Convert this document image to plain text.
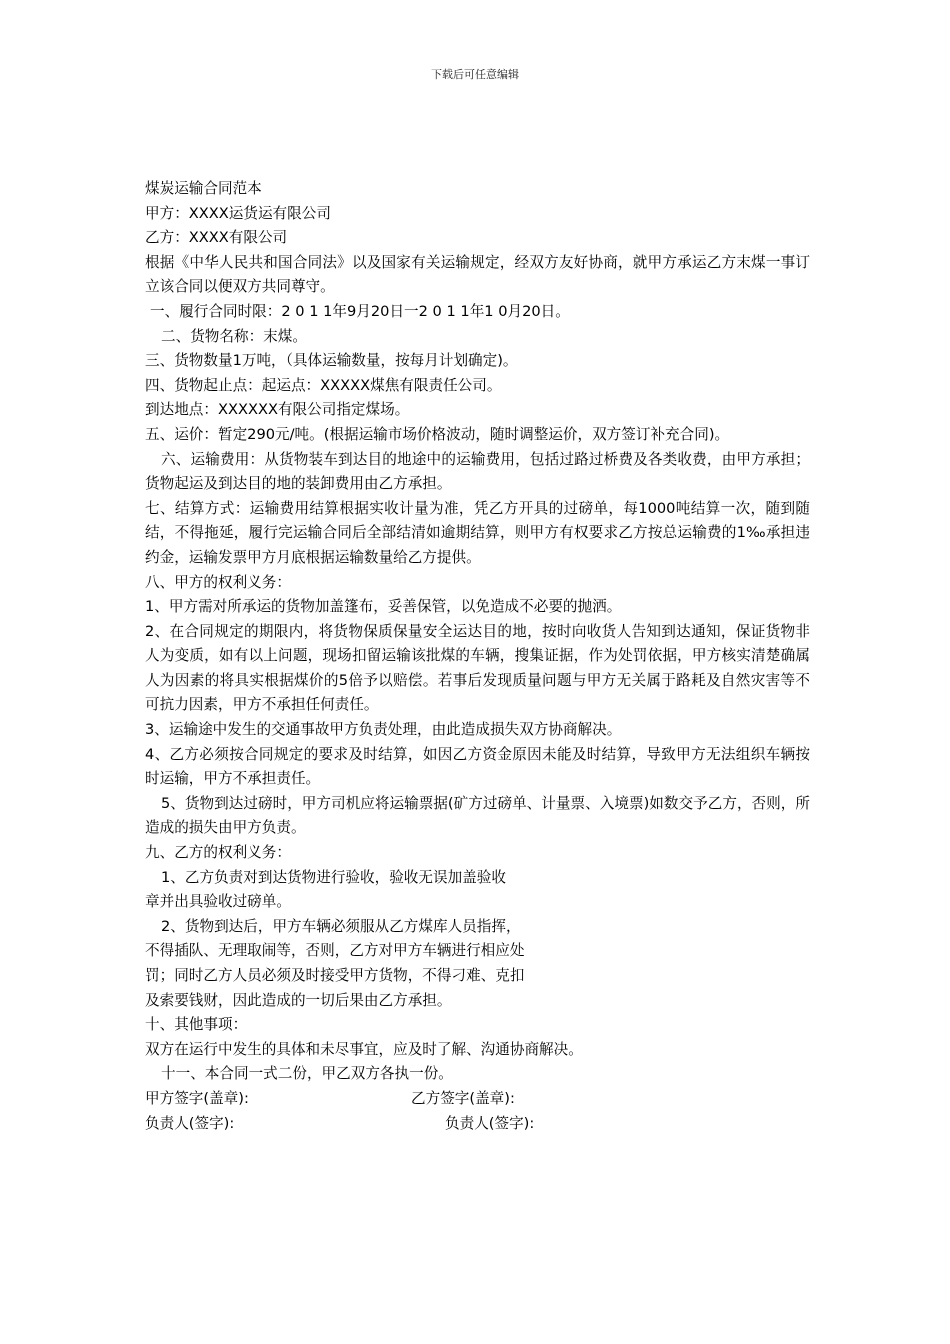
下载后可任意编辑

煤炭运输合同范本

甲方：XXXX运货运有限公司

乙方：XXXX有限公司

根据《中华人民共和国合同法》以及国家有关运输规定，经双方友好协商，就甲方承运乙方末煤一事订立该合同以便双方共同尊守。

一、履行合同时限：2 0 1 1年9月20日一2 0 1 1年1 0月20日。

二、货物名称：末煤。

三、货物数量1万吨，（具体运输数量，按每月计划确定)。

四、货物起止点：起运点：XXXXX煤焦有限责任公司。

到达地点：XXXXXX有限公司指定煤场。

五、运价：暂定290元/吨。(根据运输市场价格波动，随时调整运价，双方签订补充合同)。

六、运输费用：从货物装车到达目的地途中的运输费用，包括过路过桥费及各类收费，由甲方承担；货物起运及到达目的地的装卸费用由乙方承担。

七、结算方式：运输费用结算根据实收计量为准，凭乙方开具的过磅单，每1000吨结算一次，随到随结，不得拖延，履行完运输合同后全部结清如逾期结算，则甲方有权要求乙方按总运输费的1‰承担违约金，运输发票甲方月底根据运输数量给乙方提供。

八、甲方的权利义务：

1、甲方需对所承运的货物加盖篷布，妥善保管，以免造成不必要的抛洒。

2、在合同规定的期限内，将货物保质保量安全运达目的地，按时向收货人告知到达通知，保证货物非人为变质，如有以上问题，现场扣留运输该批煤的车辆，搜集证据，作为处罚依据，甲方核实清楚确属人为因素的将具实根据煤价的5倍予以赔偿。若事后发现质量问题与甲方无关属于路耗及自然灾害等不可抗力因素，甲方不承担任何责任。

3、运输途中发生的交通事故甲方负责处理，由此造成损失双方协商解决。

4、乙方必须按合同规定的要求及时结算，如因乙方资金原因未能及时结算，导致甲方无法组织车辆按时运输，甲方不承担责任。

5、货物到达过磅时，甲方司机应将运输票据(矿方过磅单、计量票、入境票)如数交予乙方，否则，所造成的损失由甲方负责。

九、乙方的权利义务：

1、乙方负责对到达货物进行验收，验收无误加盖验收

章并出具验收过磅单。

2、货物到达后，甲方车辆必须服从乙方煤库人员指挥，

不得插队、无理取闹等，否则，乙方对甲方车辆进行相应处

罚；同时乙方人员必须及时接受甲方货物，不得刁难、克扣

及索要钱财，因此造成的一切后果由乙方承担。

十、其他事项：

双方在运行中发生的具体和未尽事宜，应及时了解、沟通协商解决。

十一、本合同一式二份，甲乙双方各执一份。

甲方签字(盖章):	乙方签字(盖章):
负责人(签字):	负责人(签字):
